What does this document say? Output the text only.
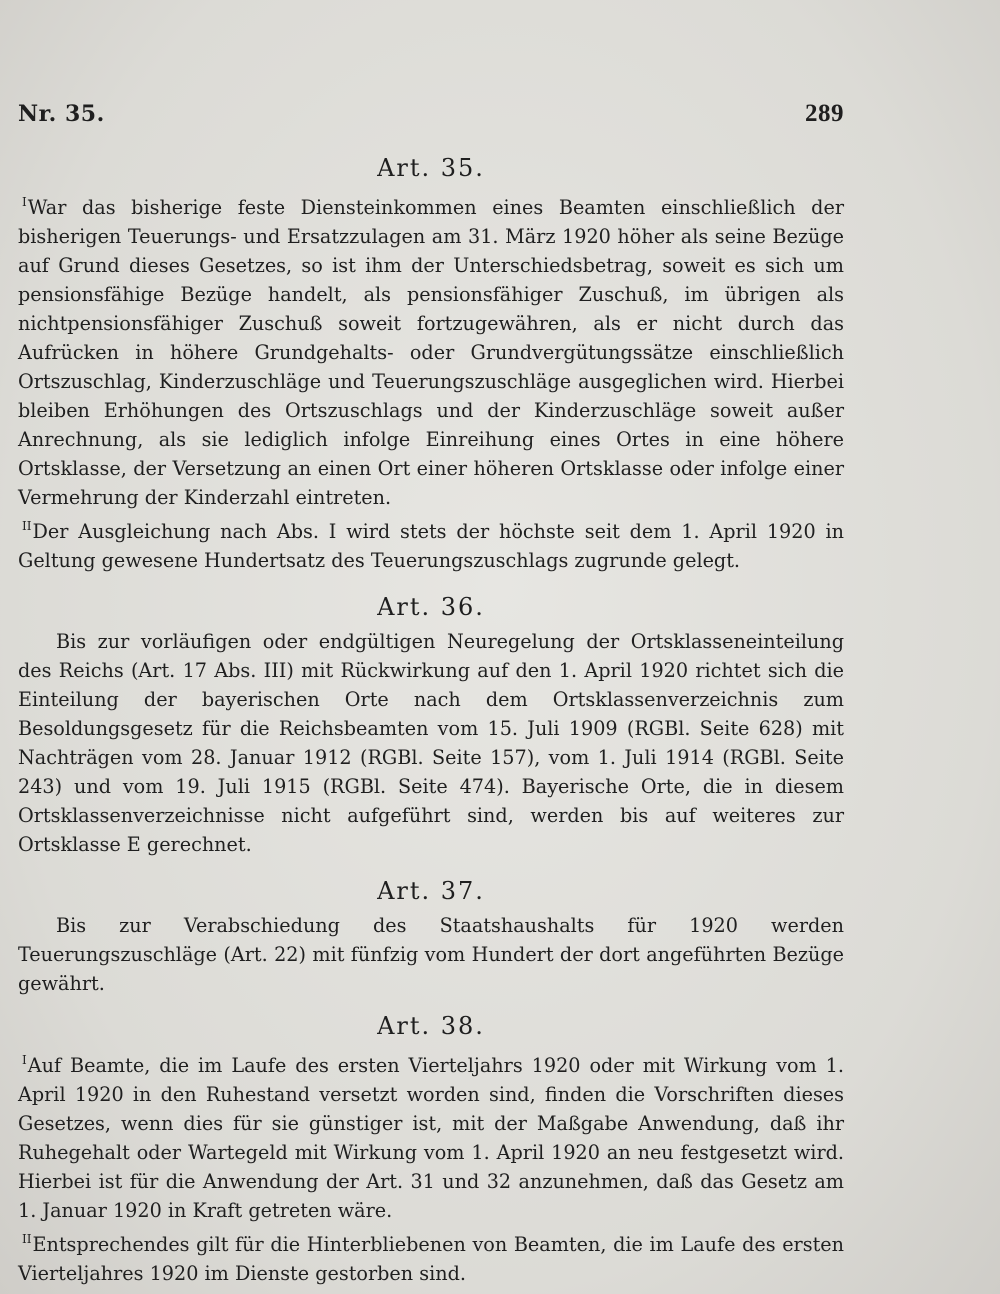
Nr. 35.	289
Art. 35.

$^I$War das bisherige feste Diensteinkommen eines Beamten einschließlich der bisherigen Teuerungs- und Ersatzzulagen am 31. März 1920 höher als seine Bezüge auf Grund dieses Gesetzes, so ist ihm der Unterschiedsbetrag, soweit es sich um pensionsfähige Bezüge handelt, als pensionsfähiger Zuschuß, im übrigen als nichtpensionsfähiger Zuschuß soweit fortzugewähren, als er nicht durch das Aufrücken in höhere Grundgehalts- oder Grundvergütungssätze einschließlich Ortszuschlag, Kinderzuschläge und Teuerungszuschläge ausgeglichen wird. Hierbei bleiben Erhöhungen des Ortszuschlags und der Kinderzuschläge soweit außer Anrechnung, als sie lediglich infolge Einreihung eines Ortes in eine höhere Ortsklasse, der Versetzung an einen Ort einer höheren Ortsklasse oder infolge einer Vermehrung der Kinderzahl eintreten.

$^{II}$Der Ausgleichung nach Abs. I wird stets der höchste seit dem 1. April 1920 in Geltung gewesene Hundertsatz des Teuerungszuschlags zugrunde gelegt.

Art. 36.

Bis zur vorläufigen oder endgültigen Neuregelung der Ortsklasseneinteilung des Reichs (Art. 17 Abs. III) mit Rückwirkung auf den 1. April 1920 richtet sich die Einteilung der bayerischen Orte nach dem Ortsklassenverzeichnis zum Besoldungsgesetz für die Reichsbeamten vom 15. Juli 1909 (RGBl. Seite 628) mit Nachträgen vom 28. Januar 1912 (RGBl. Seite 157), vom 1. Juli 1914 (RGBl. Seite 243) und vom 19. Juli 1915 (RGBl. Seite 474). Bayerische Orte, die in diesem Ortsklassenverzeichnisse nicht aufgeführt sind, werden bis auf weiteres zur Ortsklasse E gerechnet.

Art. 37.

Bis zur Verabschiedung des Staatshaushalts für 1920 werden Teuerungszuschläge (Art. 22) mit fünfzig vom Hundert der dort angeführten Bezüge gewährt.

Art. 38.

$^I$Auf Beamte, die im Laufe des ersten Vierteljahrs 1920 oder mit Wirkung vom 1. April 1920 in den Ruhestand versetzt worden sind, finden die Vorschriften dieses Gesetzes, wenn dies für sie günstiger ist, mit der Maßgabe Anwendung, daß ihr Ruhegehalt oder Wartegeld mit Wirkung vom 1. April 1920 an neu festgesetzt wird. Hierbei ist für die Anwendung der Art. 31 und 32 anzunehmen, daß das Gesetz am 1. Januar 1920 in Kraft getreten wäre.

$^{II}$Entsprechendes gilt für die Hinterbliebenen von Beamten, die im Laufe des ersten Vierteljahres 1920 im Dienste gestorben sind.
